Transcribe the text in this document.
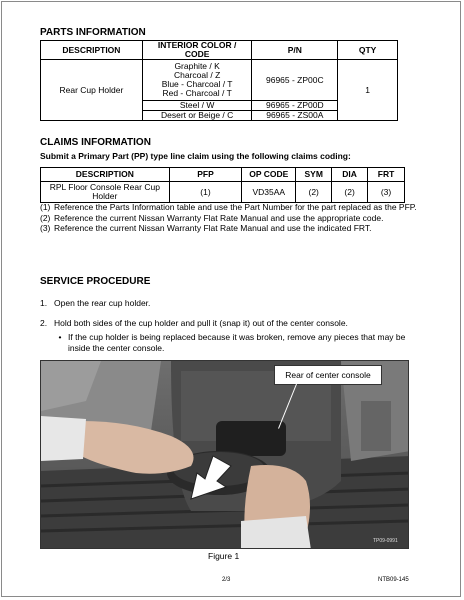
PARTS INFORMATION
DESCRIPTION	INTERIOR COLOR / CODE	P/N	QTY
Rear Cup Holder	Graphite / K
Charcoal / Z
Blue - Charcoal / T
Red - Charcoal / T	96965 - ZP00C	1
	Steel / W	96965 - ZP00D	
	Desert or Beige / C	96965 - ZS00A	
CLAIMS INFORMATION
Submit a Primary Part (PP) type line claim using the following claims coding:
DESCRIPTION	PFP	OP CODE	SYM	DIA	FRT
RPL Floor Console Rear Cup Holder	(1)	VD35AA	(2)	(2)	(3)
(1) Reference the Parts Information table and use the Part Number for the part replaced as the PFP.
(2) Reference the current Nissan Warranty Flat Rate Manual and use the appropriate code.
(3) Reference the current Nissan Warranty Flat Rate Manual and use the indicated FRT.
SERVICE PROCEDURE
1. Open the rear cup holder.
2. Hold both sides of the cup holder and pull it (snap it) out of the center console.
• If the cup holder is being replaced because it was broken, remove any pieces that may be inside the center console.
Rear of center console
TP09-0991
Figure 1
2/3	NTB09-145
